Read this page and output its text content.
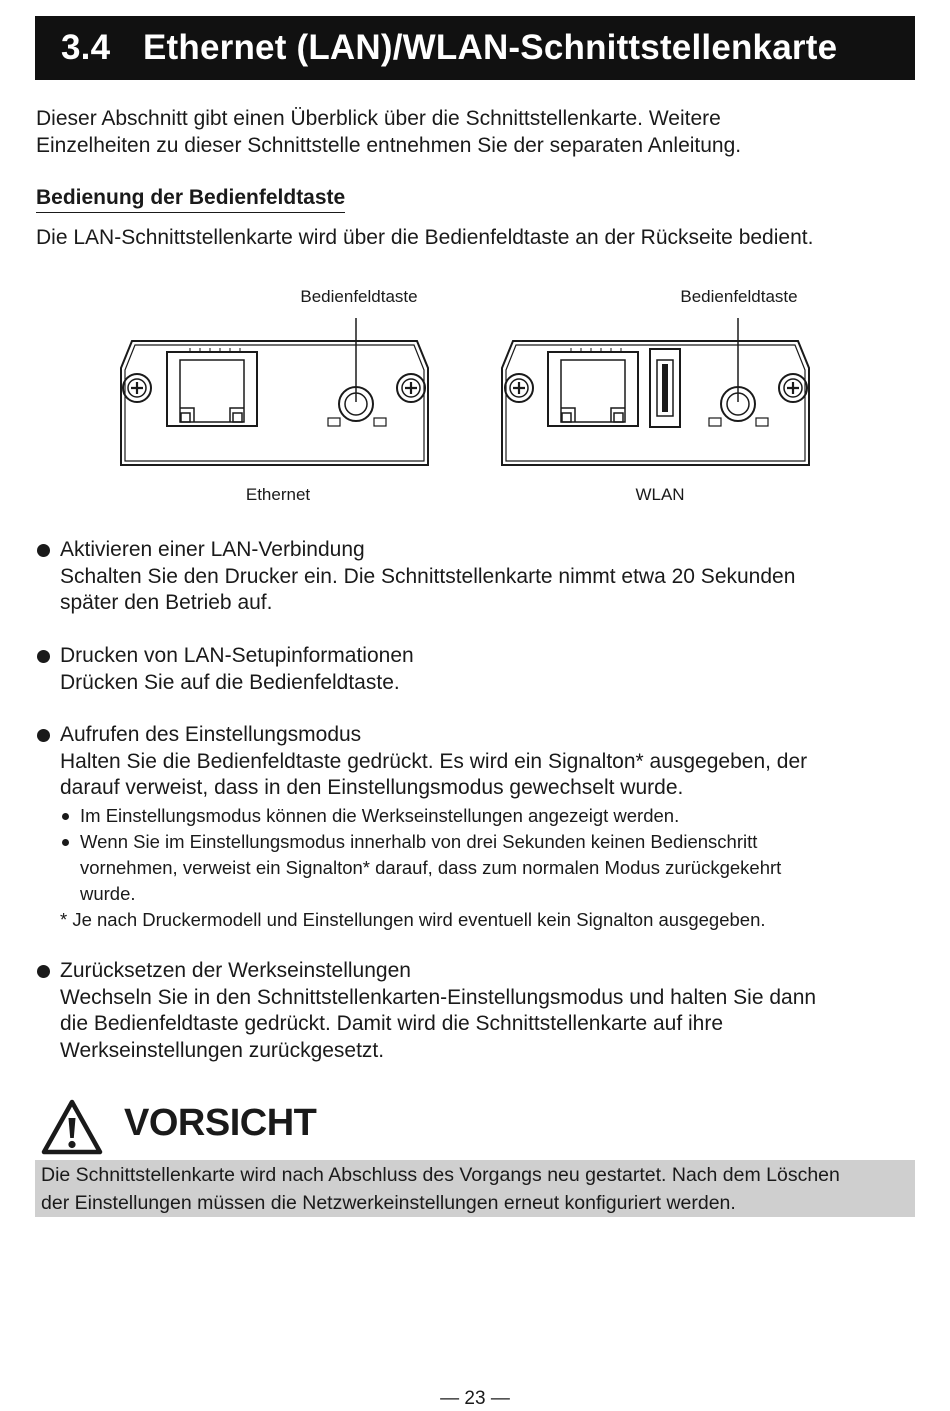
3.4 Ethernet (LAN)/WLAN-Schnittstellenkarte
Dieser Abschnitt gibt einen Überblick über die Schnittstellenkarte. Weitere
Einzelheiten zu dieser Schnittstelle entnehmen Sie der separaten Anleitung.
Bedienung der Bedienfeldtaste
Die LAN-Schnittstellenkarte wird über die Bedienfeldtaste an der Rückseite bedient.
Bedienfeldtaste	Bedienfeldtaste
Ethernet	WLAN
Aktivieren einer LAN-Verbindung
Schalten Sie den Drucker ein. Die Schnittstellenkarte nimmt etwa 20 Sekunden
später den Betrieb auf.
Drucken von LAN-Setupinformationen
Drücken Sie auf die Bedienfeldtaste.
Aufrufen des Einstellungsmodus
Halten Sie die Bedienfeldtaste gedrückt. Es wird ein Signalton* ausgegeben, der
darauf verweist, dass in den Einstellungsmodus gewechselt wurde.
Im Einstellungsmodus können die Werkseinstellungen angezeigt werden.
Wenn Sie im Einstellungsmodus innerhalb von drei Sekunden keinen Bedienschritt
vornehmen, verweist ein Signalton* darauf, dass zum normalen Modus zurückgekehrt
wurde.
* Je nach Druckermodell und Einstellungen wird eventuell kein Signalton ausgegeben.
Zurücksetzen der Werkseinstellungen
Wechseln Sie in den Schnittstellenkarten-Einstellungsmodus und halten Sie dann
die Bedienfeldtaste gedrückt. Damit wird die Schnittstellenkarte auf ihre
Werkseinstellungen zurückgesetzt.
VORSICHT
Die Schnittstellenkarte wird nach Abschluss des Vorgangs neu gestartet. Nach dem Löschen
der Einstellungen müssen die Netzwerkeinstellungen erneut konfiguriert werden.
— 23 —
